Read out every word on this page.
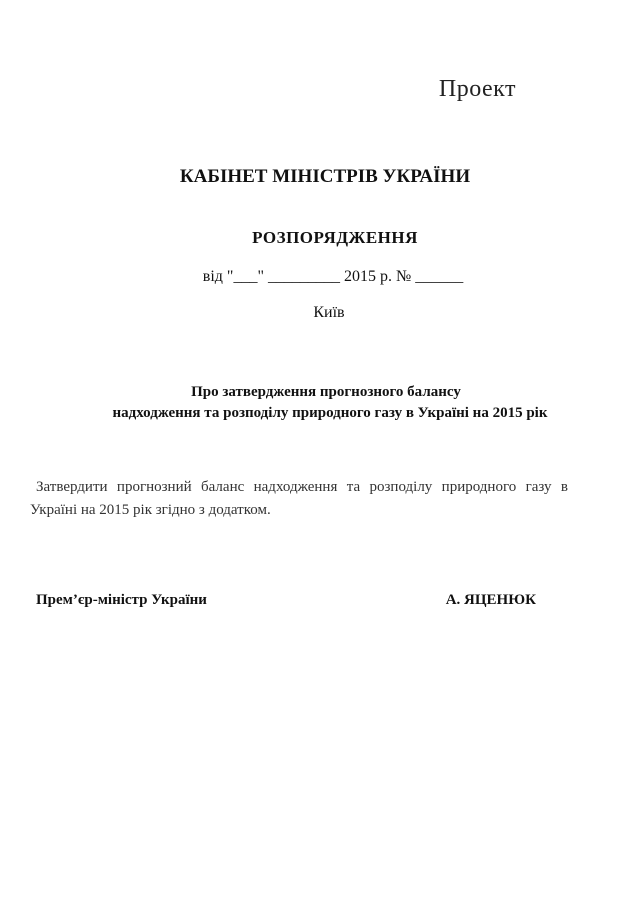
Проект
КАБІНЕТ МІНІСТРІВ УКРАЇНИ
РОЗПОРЯДЖЕННЯ
від "___" _________ 2015 р. № ______
Київ
Про затвердження прогнозного балансу
надходження та розподілу природного газу в Україні на 2015 рік
Затвердити прогнозний баланс надходження та розподілу природного газу в Україні на 2015 рік згідно з додатком.
Прем’єр-міністр України	А. ЯЦЕНЮК
